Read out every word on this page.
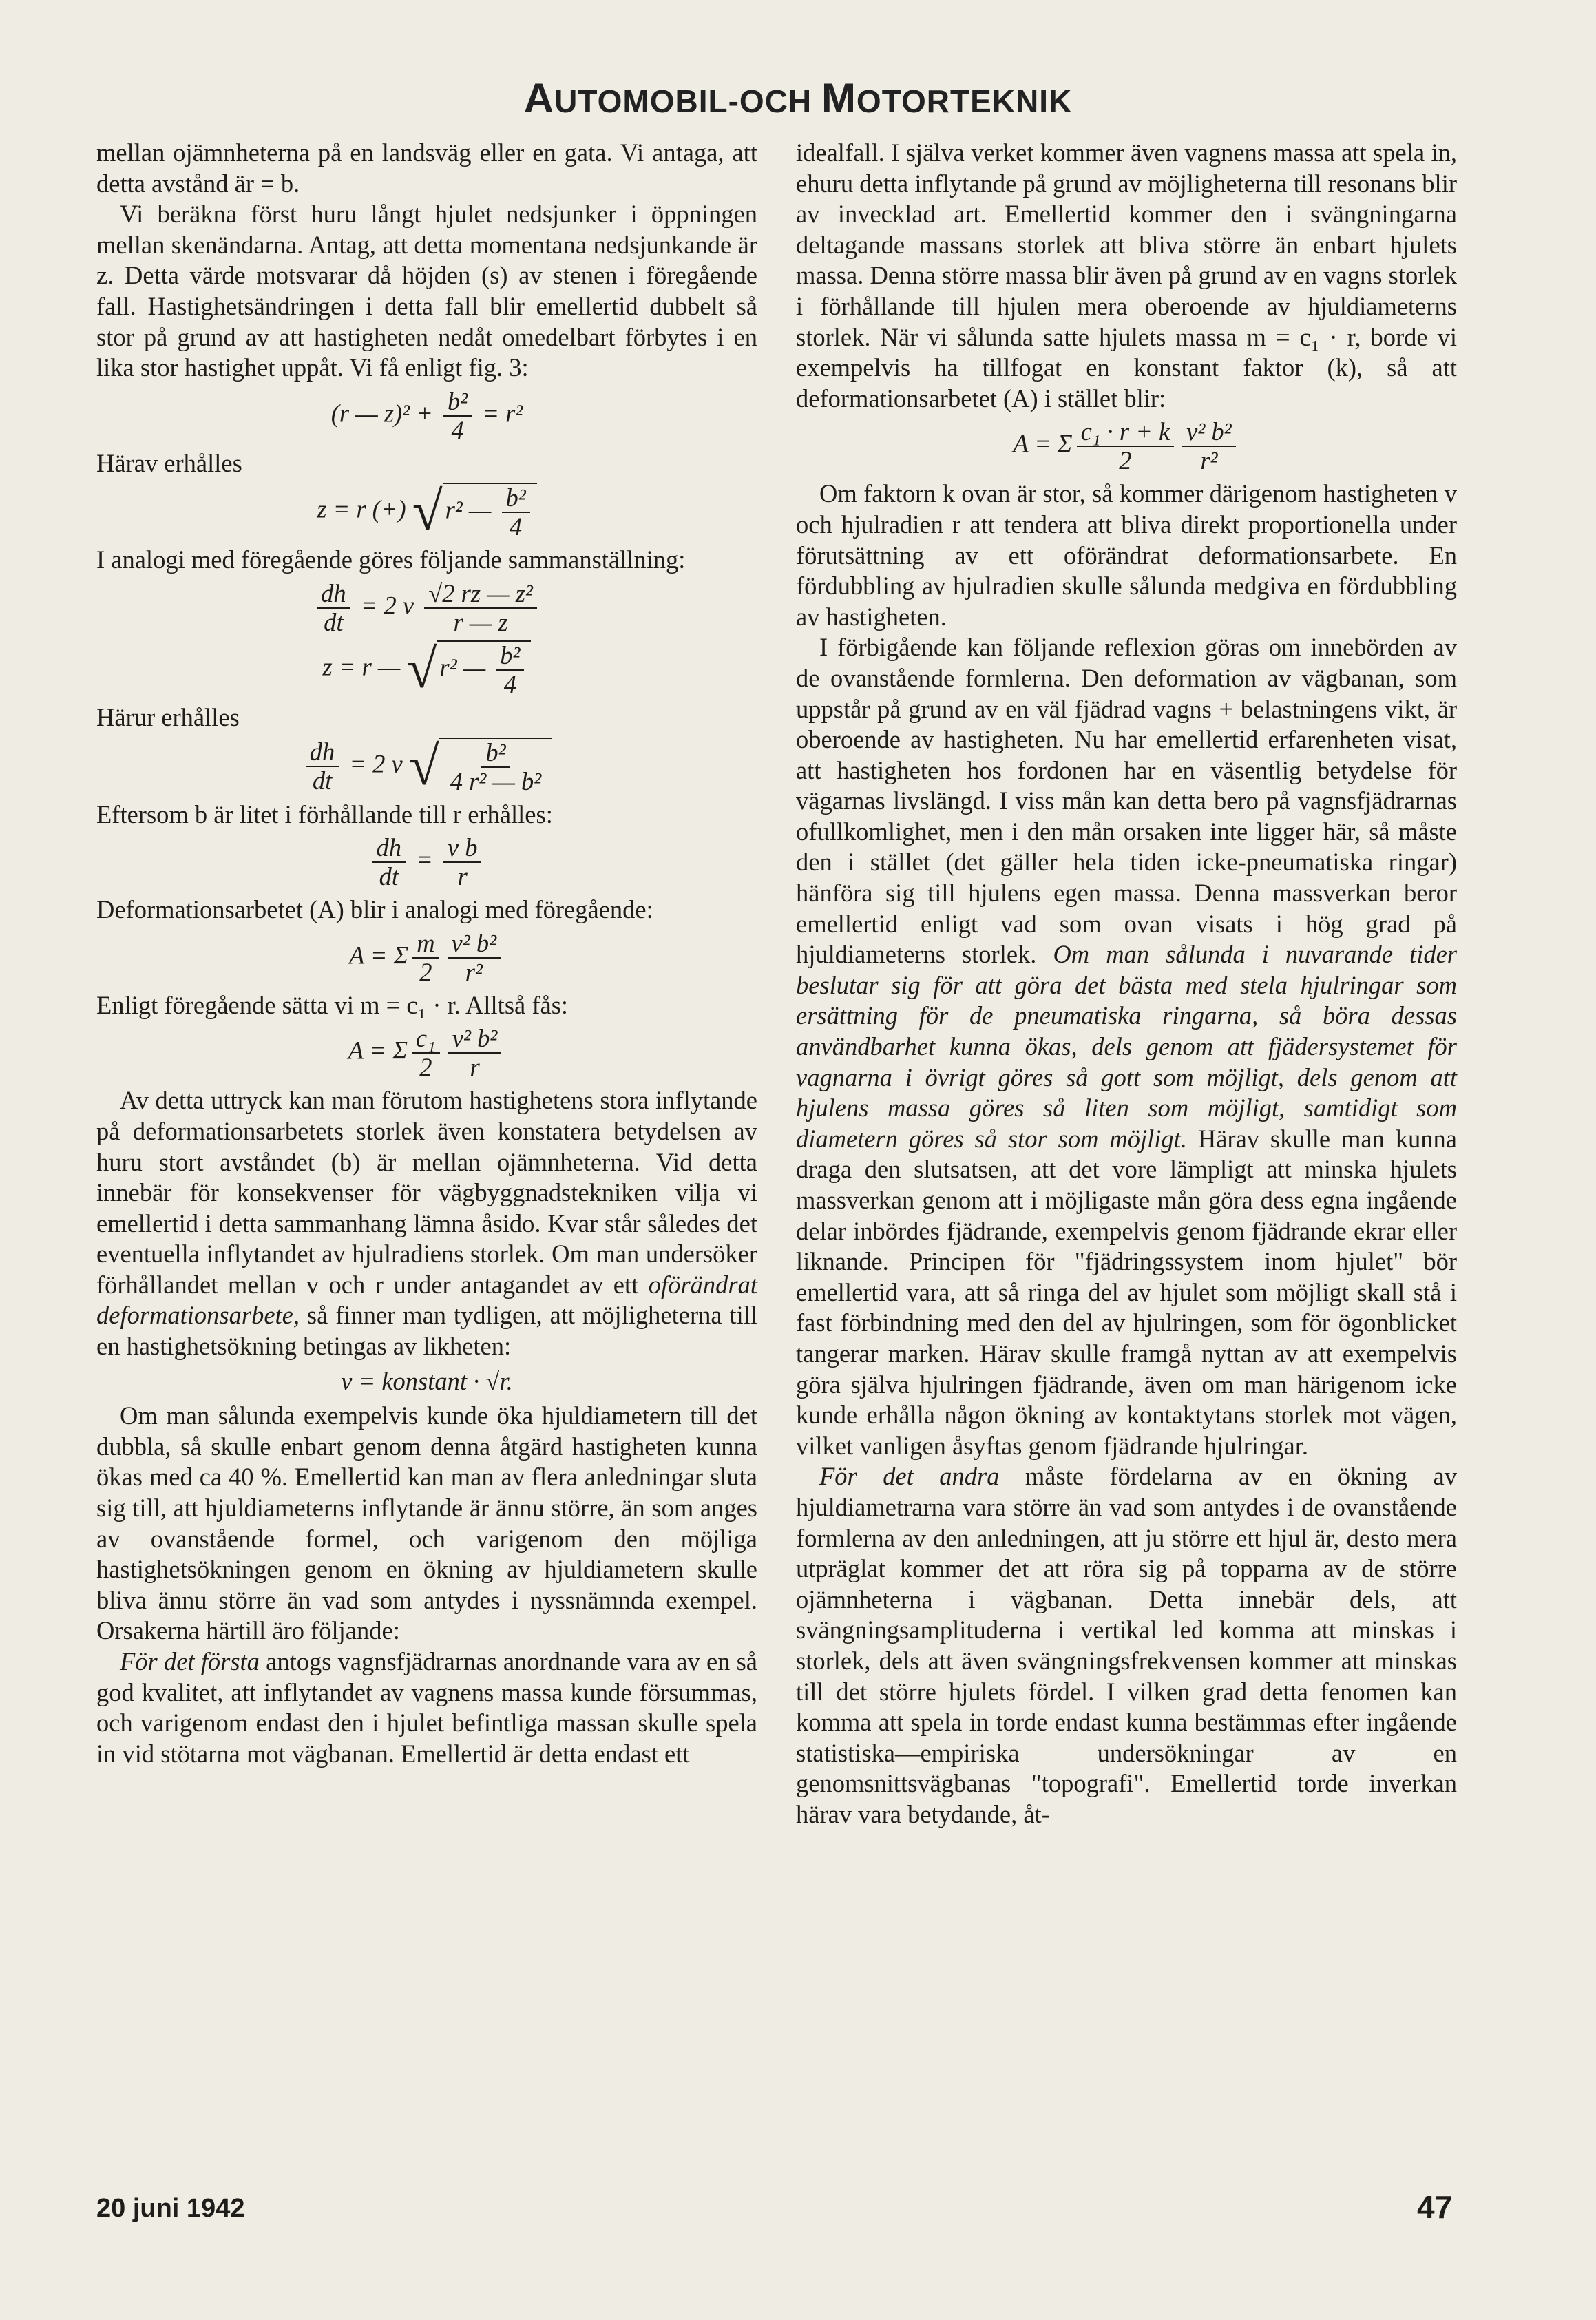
AUTOMOBIL-OCH MOTORTEKNIK

mellan ojämnheterna på en landsväg eller en gata. Vi antaga, att detta avstånd är = b.

Vi beräkna först huru långt hjulet nedsjunker i öppningen mellan skenändarna. Antag, att detta momentana nedsjunkande är z. Detta värde motsvarar då höjden (s) av stenen i föregående fall. Hastighetsändringen i detta fall blir emellertid dubbelt så stor på grund av att hastigheten nedåt omedelbart förbytes i en lika stor hastighet uppåt. Vi få enligt fig. 3:

(r — $z)^2 + \frac{\text{b²}}{4} = r^2$

Härav erhålles

z = r (+) √ r² — $\frac{\text{b²}}{4}$

I analogi med föregående göres följande sammanställning:

$\frac{dh}{dt} = 2$ v $\frac{\text{√2 rz — z²}}{r — z}$
z = r — √ r² — $\frac{\text{b²}}{4}$

Härur erhålles

$\frac{dh}{dt} = 2$ v √ $\frac{\text{b²}}{\text{4 r² — b²}}$

Eftersom b är litet i förhållande till r erhålles:

$\frac{dh}{dt} = \frac{\text{v b}}{r}$

Deformationsarbetet (A) blir i analogi med föregående:

A = Σ $\frac{m}{2} \frac{\text{v² b²}}{\text{r²}}$

Enligt föregående sätta vi m = c₁ · r. Alltså fås:

A = Σ $\frac{\text{c₁}}{2} \frac{\text{v² b²}}{r}$

Av detta uttryck kan man förutom hastighetens stora inflytande på deformationsarbetets storlek även konstatera betydelsen av huru stort avståndet (b) är mellan ojämnheterna. Vid detta innebär för konsekvenser för vägbyggnadstekniken vilja vi emellertid i detta sammanhang lämna åsido. Kvar står således det eventuella inflytandet av hjulradiens storlek. Om man undersöker förhållandet mellan v och r under antagandet av ett oförändrat deformationsarbete, så finner man tydligen, att möjligheterna till en hastighetsökning betingas av likheten:

v = konstant · √r.

Om man sålunda exempelvis kunde öka hjuldiametern till det dubbla, så skulle enbart genom denna åtgärd hastigheten kunna ökas med ca 40 %. Emellertid kan man av flera anledningar sluta sig till, att hjuldiameterns inflytande är ännu större, än som anges av ovanstående formel, och varigenom den möjliga hastighetsökningen genom en ökning av hjuldiametern skulle bliva ännu större än vad som antydes i nyssnämnda exempel. Orsakerna härtill äro följande:

För det första antogs vagnsfjädrarnas anordnande vara av en så god kvalitet, att inflytandet av vagnens massa kunde försummas, och varigenom endast den i hjulet befintliga massan skulle spela in vid stötarna mot vägbanan. Emellertid är detta endast ett

idealfall. I själva verket kommer även vagnens massa att spela in, ehuru detta inflytande på grund av möjligheterna till resonans blir av invecklad art. Emellertid kommer den i svängningarna deltagande massans storlek att bliva större än enbart hjulets massa. Denna större massa blir även på grund av en vagns storlek i förhållande till hjulen mera oberoende av hjuldiameterns storlek. När vi sålunda satte hjulets massa m = c₁ · r, borde vi exempelvis ha tillfogat en konstant faktor (k), så att deformationsarbetet (A) i stället blir:

A = Σ $\frac{\text{c₁ · r + k}}{2} \frac{\text{v² b²}}{\text{r²}}$

Om faktorn k ovan är stor, så kommer därigenom hastigheten v och hjulradien r att tendera att bliva direkt proportionella under förutsättning av ett oförändrat deformationsarbete. En fördubbling av hjulradien skulle sålunda medgiva en fördubbling av hastigheten.

I förbigående kan följande reflexion göras om innebörden av de ovanstående formlerna. Den deformation av vägbanan, som uppstår på grund av en väl fjädrad vagns + belastningens vikt, är oberoende av hastigheten. Nu har emellertid erfarenheten visat, att hastigheten hos fordonen har en väsentlig betydelse för vägarnas livslängd. I viss mån kan detta bero på vagnsfjädrarnas ofullkomlighet, men i den mån orsaken inte ligger här, så måste den i stället (det gäller hela tiden icke-pneumatiska ringar) hänföra sig till hjulens egen massa. Denna massverkan beror emellertid enligt vad som ovan visats i hög grad på hjuldiameterns storlek. Om man sålunda i nuvarande tider beslutar sig för att göra det bästa med stela hjulringar som ersättning för de pneumatiska ringarna, så böra dessas användbarhet kunna ökas, dels genom att fjädersystemet för vagnarna i övrigt göres så gott som möjligt, dels genom att hjulens massa göres så liten som möjligt, samtidigt som diametern göres så stor som möjligt. Härav skulle man kunna draga den slutsatsen, att det vore lämpligt att minska hjulets massverkan genom att i möjligaste mån göra dess egna ingående delar inbördes fjädrande, exempelvis genom fjädrande ekrar eller liknande. Principen för "fjädringssystem inom hjulet" bör emellertid vara, att så ringa del av hjulet som möjligt skall stå i fast förbindning med den del av hjulringen, som för ögonblicket tangerar marken. Härav skulle framgå nyttan av att exempelvis göra själva hjulringen fjädrande, även om man härigenom icke kunde erhålla någon ökning av kontaktytans storlek mot vägen, vilket vanligen åsyftas genom fjädrande hjulringar.

För det andra måste fördelarna av en ökning av hjuldiametrarna vara större än vad som antydes i de ovanstående formlerna av den anledningen, att ju större ett hjul är, desto mera utpräglat kommer det att röra sig på topparna av de större ojämnheterna i vägbanan. Detta innebär dels, att svängningsamplituderna i vertikal led komma att minskas i storlek, dels att även svängningsfrekvensen kommer att minskas till det större hjulets fördel. I vilken grad detta fenomen kan komma att spela in torde endast kunna bestämmas efter ingående statistiska—empiriska undersökningar av en genomsnittsvägbanas "topografi". Emellertid torde inverkan härav vara betydande, åt-

20 juni 1942	47
